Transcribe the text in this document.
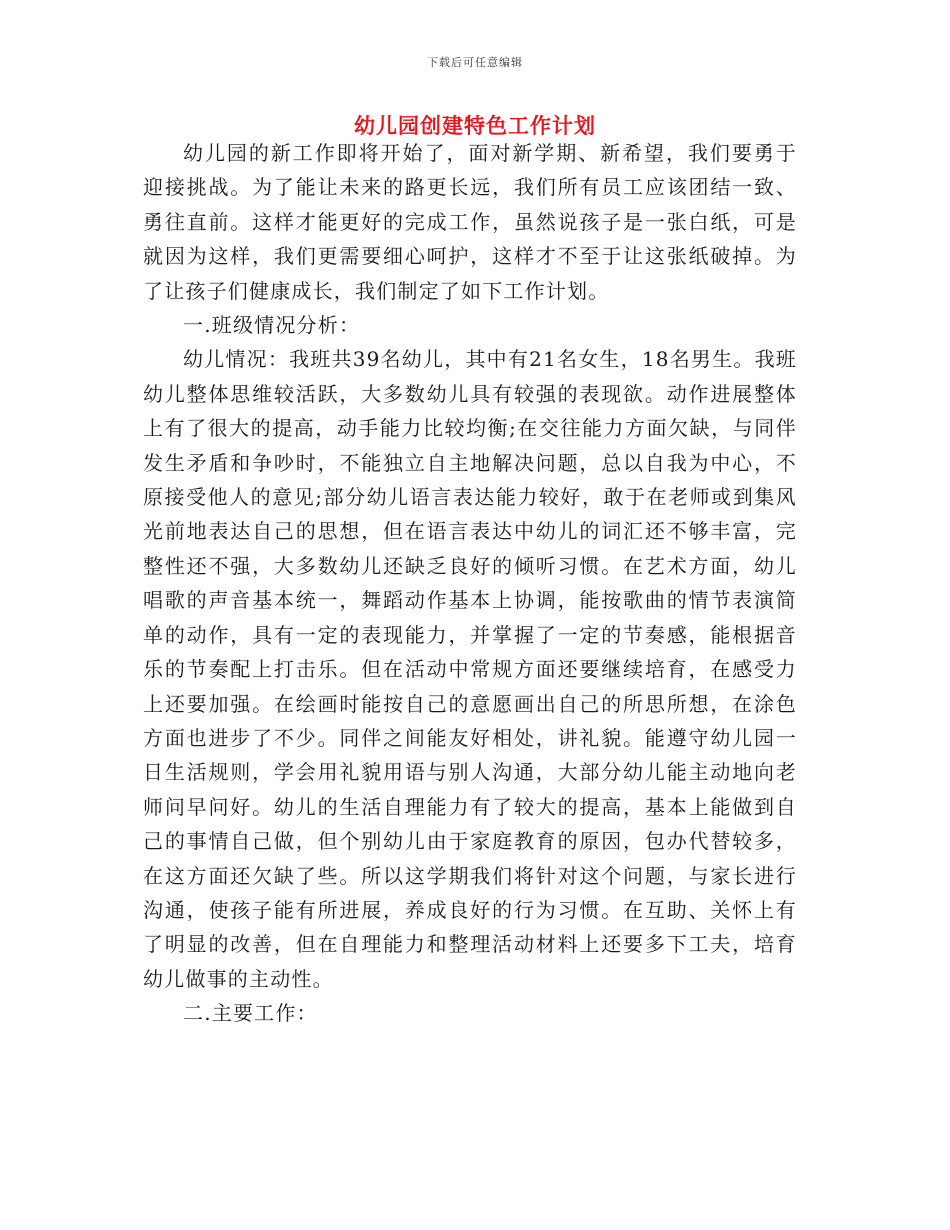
下载后可任意编辑
幼儿园创建特色工作计划

幼儿园的新工作即将开始了，面对新学期、新希望，我们要勇于迎接挑战。为了能让未来的路更长远，我们所有员工应该团结一致、勇往直前。这样才能更好的完成工作，虽然说孩子是一张白纸，可是就因为这样，我们更需要细心呵护，这样才不至于让这张纸破掉。为了让孩子们健康成长，我们制定了如下工作计划。

一.班级情况分析：

幼儿情况：我班共39名幼儿，其中有21名女生，18名男生。我班幼儿整体思维较活跃，大多数幼儿具有较强的表现欲。动作进展整体上有了很大的提高，动手能力比较均衡;在交往能力方面欠缺，与同伴发生矛盾和争吵时，不能独立自主地解决问题，总以自我为中心，不原接受他人的意见;部分幼儿语言表达能力较好，敢于在老师或到集风光前地表达自己的思想，但在语言表达中幼儿的词汇还不够丰富，完整性还不强，大多数幼儿还缺乏良好的倾听习惯。在艺术方面，幼儿唱歌的声音基本统一，舞蹈动作基本上协调，能按歌曲的情节表演简单的动作，具有一定的表现能力，并掌握了一定的节奏感，能根据音乐的节奏配上打击乐。但在活动中常规方面还要继续培育，在感受力上还要加强。在绘画时能按自己的意愿画出自己的所思所想，在涂色方面也进步了不少。同伴之间能友好相处，讲礼貌。能遵守幼儿园一日生活规则，学会用礼貌用语与别人沟通，大部分幼儿能主动地向老师问早问好。幼儿的生活自理能力有了较大的提高，基本上能做到自己的事情自己做，但个别幼儿由于家庭教育的原因，包办代替较多，在这方面还欠缺了些。所以这学期我们将针对这个问题，与家长进行沟通，使孩子能有所进展，养成良好的行为习惯。在互助、关怀上有了明显的改善，但在自理能力和整理活动材料上还要多下工夫，培育幼儿做事的主动性。

二.主要工作：
